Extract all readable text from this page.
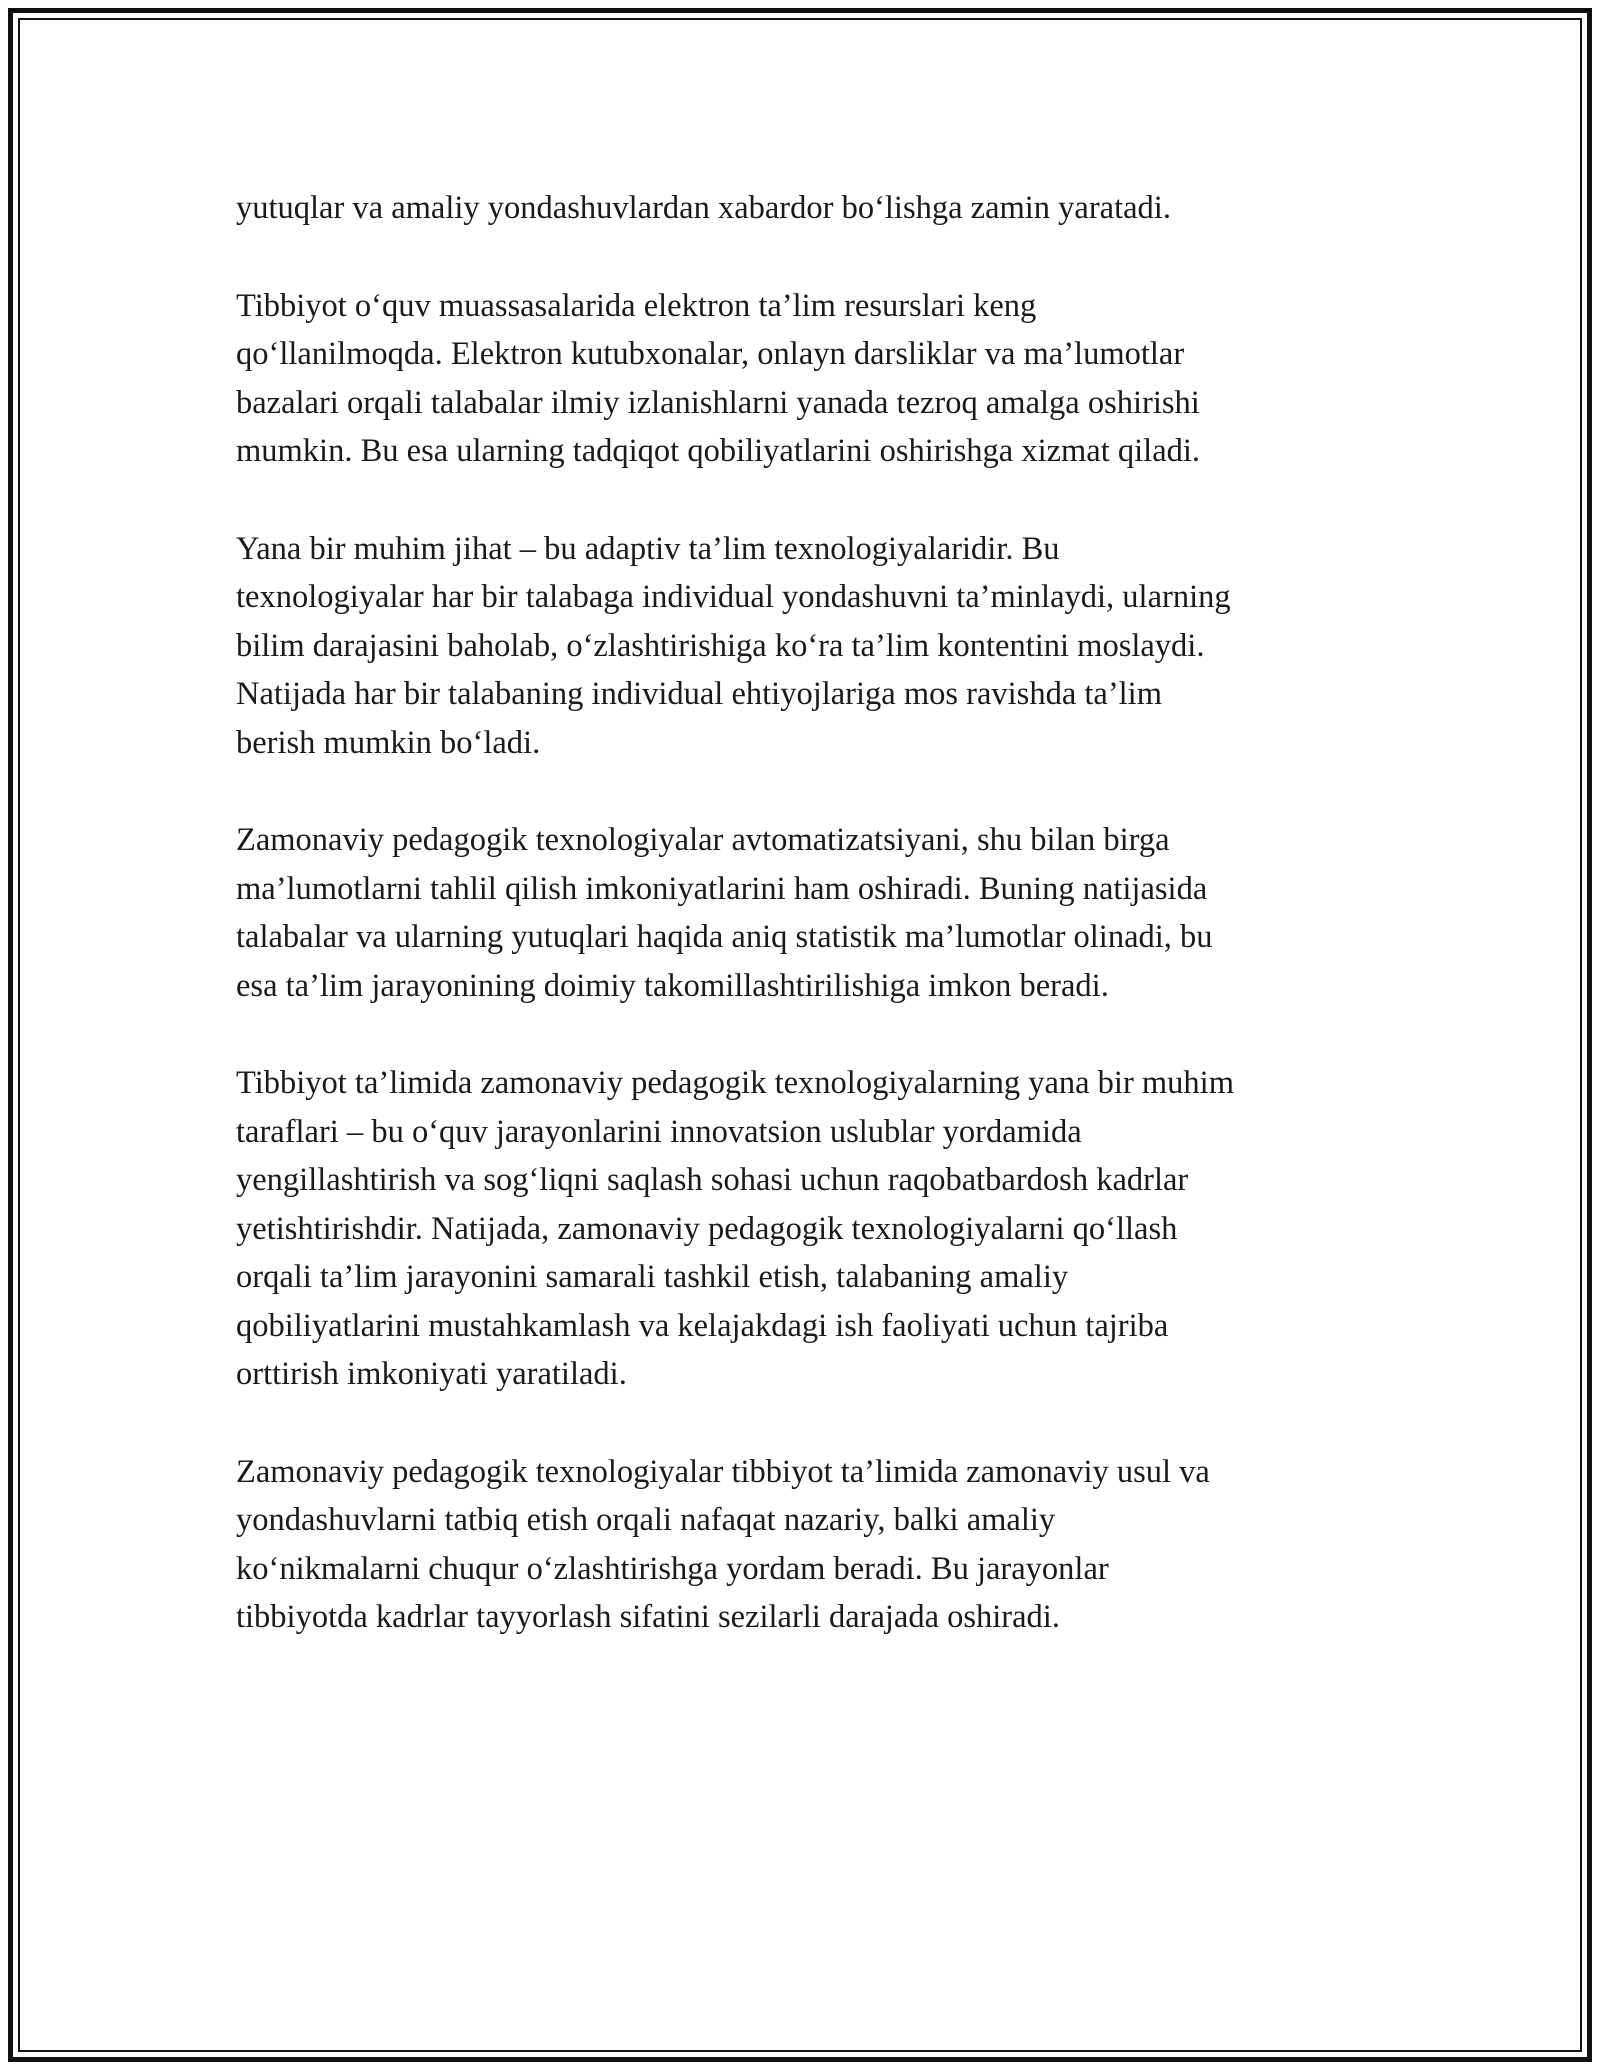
yutuqlar va amaliy yondashuvlardan xabardor bo‘lishga zamin yaratadi.

Tibbiyot o‘quv muassasalarida elektron ta’lim resurslari keng
qo‘llanilmoqda. Elektron kutubxonalar, onlayn darsliklar va ma’lumotlar
bazalari orqali talabalar ilmiy izlanishlarni yanada tezroq amalga oshirishi
mumkin. Bu esa ularning tadqiqot qobiliyatlarini oshirishga xizmat qiladi.

Yana bir muhim jihat – bu adaptiv ta’lim texnologiyalaridir. Bu
texnologiyalar har bir talabaga individual yondashuvni ta’minlaydi, ularning
bilim darajasini baholab, o‘zlashtirishiga ko‘ra ta’lim kontentini moslaydi.
Natijada har bir talabaning individual ehtiyojlariga mos ravishda ta’lim
berish mumkin bo‘ladi.

Zamonaviy pedagogik texnologiyalar avtomatizatsiyani, shu bilan birga
ma’lumotlarni tahlil qilish imkoniyatlarini ham oshiradi. Buning natijasida
talabalar va ularning yutuqlari haqida aniq statistik ma’lumotlar olinadi, bu
esa ta’lim jarayonining doimiy takomillashtirilishiga imkon beradi.

Tibbiyot ta’limida zamonaviy pedagogik texnologiyalarning yana bir muhim
taraflari – bu o‘quv jarayonlarini innovatsion uslublar yordamida
yengillashtirish va sog‘liqni saqlash sohasi uchun raqobatbardosh kadrlar
yetishtirishdir. Natijada, zamonaviy pedagogik texnologiyalarni qo‘llash
orqali ta’lim jarayonini samarali tashkil etish, talabaning amaliy
qobiliyatlarini mustahkamlash va kelajakdagi ish faoliyati uchun tajriba
orttirish imkoniyati yaratiladi.

Zamonaviy pedagogik texnologiyalar tibbiyot ta’limida zamonaviy usul va
yondashuvlarni tatbiq etish orqali nafaqat nazariy, balki amaliy
ko‘nikmalarni chuqur o‘zlashtirishga yordam beradi. Bu jarayonlar
tibbiyotda kadrlar tayyorlash sifatini sezilarli darajada oshiradi.
